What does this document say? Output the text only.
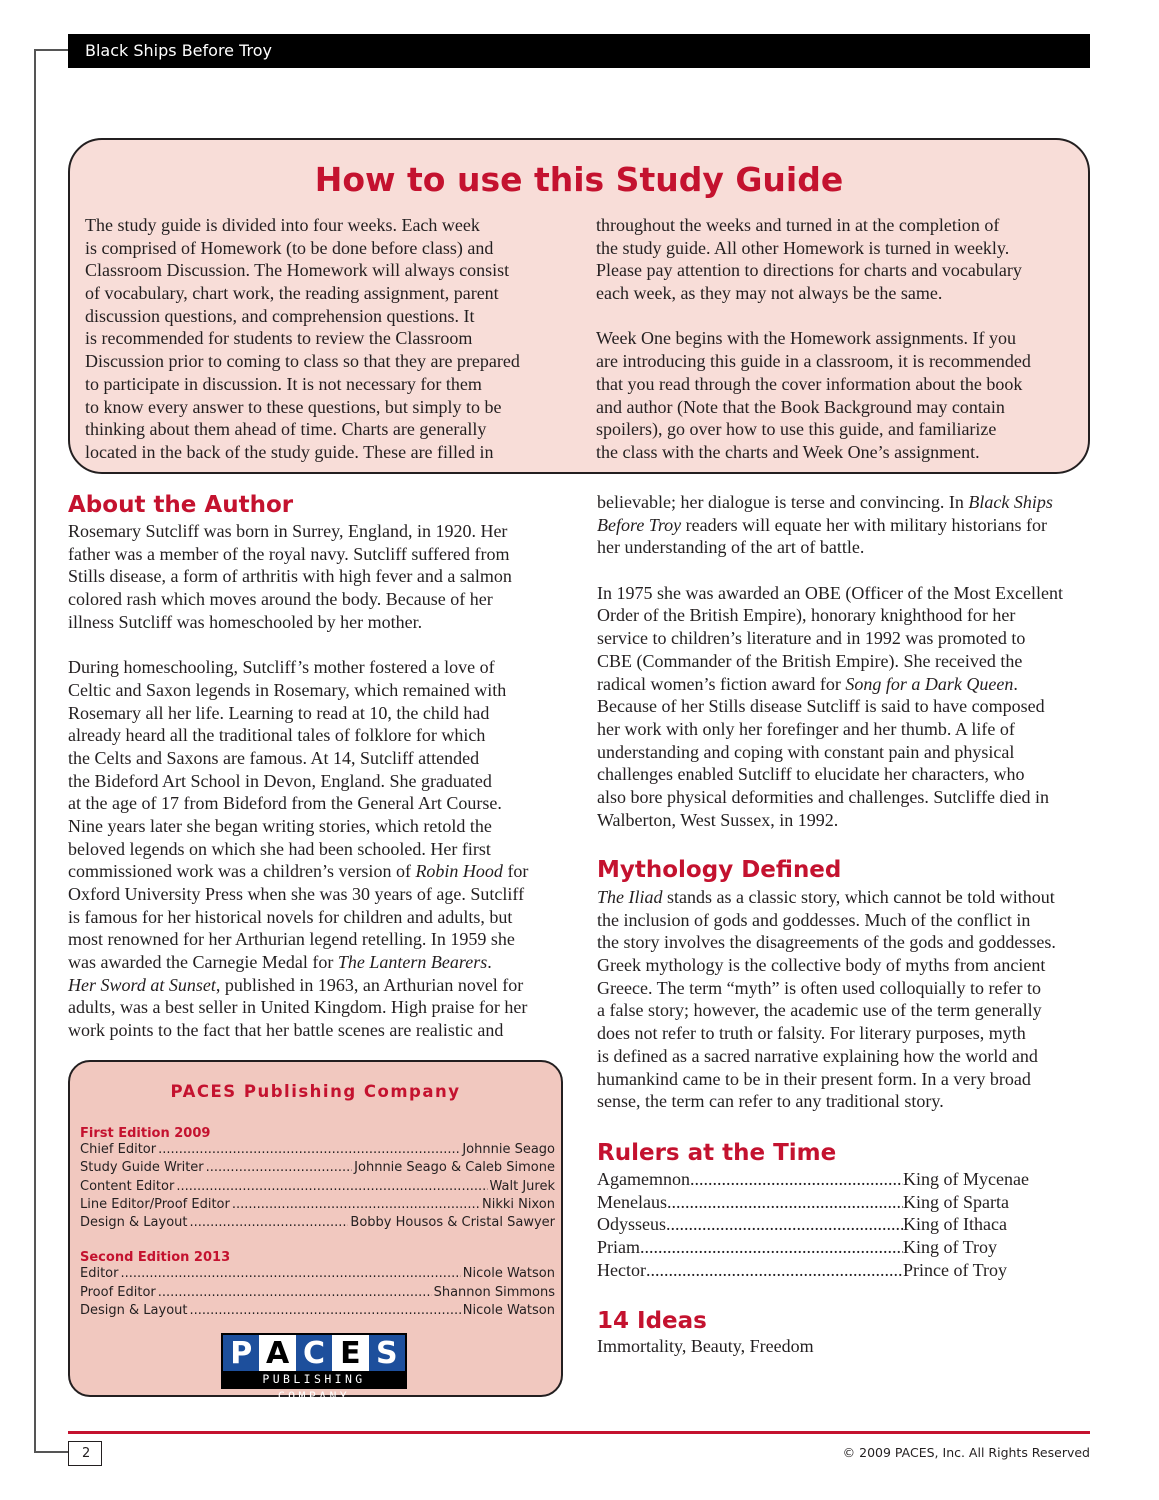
Black Ships Before Troy
How to use this Study Guide
The study guide is divided into four weeks. Each week
is comprised of Homework (to be done before class) and
Classroom Discussion. The Homework will always consist
of vocabulary, chart work, the reading assignment, parent
discussion questions, and comprehension questions. It
is recommended for students to review the Classroom
Discussion prior to coming to class so that they are prepared
to participate in discussion. It is not necessary for them
to know every answer to these questions, but simply to be
thinking about them ahead of time. Charts are generally
located in the back of the study guide. These are filled in
throughout the weeks and turned in at the completion of
the study guide. All other Homework is turned in weekly.
Please pay attention to directions for charts and vocabulary
each week, as they may not always be the same.
Week One begins with the Homework assignments. If you
are introducing this guide in a classroom, it is recommended
that you read through the cover information about the book
and author (Note that the Book Background may contain
spoilers), go over how to use this guide, and familiarize
the class with the charts and Week One’s assignment.
About the Author
Rosemary Sutcliff was born in Surrey, England, in 1920. Her
father was a member of the royal navy. Sutcliff suffered from
Stills disease, a form of arthritis with high fever and a salmon
colored rash which moves around the body. Because of her
illness Sutcliff was homeschooled by her mother.
During homeschooling, Sutcliff’s mother fostered a love of
Celtic and Saxon legends in Rosemary, which remained with
Rosemary all her life. Learning to read at 10, the child had
already heard all the traditional tales of folklore for which
the Celts and Saxons are famous. At 14, Sutcliff attended
the Bideford Art School in Devon, England. She graduated
at the age of 17 from Bideford from the General Art Course.
Nine years later she began writing stories, which retold the
beloved legends on which she had been schooled. Her first
commissioned work was a children’s version of Robin Hood for
Oxford University Press when she was 30 years of age. Sutcliff
is famous for her historical novels for children and adults, but
most renowned for her Arthurian legend retelling. In 1959 she
was awarded the Carnegie Medal for The Lantern Bearers.
Her Sword at Sunset, published in 1963, an Arthurian novel for
adults, was a best seller in United Kingdom. High praise for her
work points to the fact that her battle scenes are realistic and
believable; her dialogue is terse and convincing. In Black Ships
Before Troy readers will equate her with military historians for
her understanding of the art of battle.
In 1975 she was awarded an OBE (Officer of the Most Excellent
Order of the British Empire), honorary knighthood for her
service to children’s literature and in 1992 was promoted to
CBE (Commander of the British Empire). She received the
radical women’s fiction award for Song for a Dark Queen.
Because of her Stills disease Sutcliff is said to have composed
her work with only her forefinger and her thumb. A life of
understanding and coping with constant pain and physical
challenges enabled Sutcliff to elucidate her characters, who
also bore physical deformities and challenges. Sutcliffe died in
Walberton, West Sussex, in 1992.
Mythology Defined
The Iliad stands as a classic story, which cannot be told without
the inclusion of gods and goddesses. Much of the conflict in
the story involves the disagreements of the gods and goddesses.
Greek mythology is the collective body of myths from ancient
Greece. The term “myth” is often used colloquially to refer to
a false story; however, the academic use of the term generally
does not refer to truth or falsity. For literary purposes, myth
is defined as a sacred narrative explaining how the world and
humankind came to be in their present form. In a very broad
sense, the term can refer to any traditional story.
Rulers at the Time
Agamemnon .....	King of Mycenae
Menelaus .....	King of Sparta
Odysseus .....	King of Ithaca
Priam .....	King of Troy
Hector .....	Prince of Troy
14 Ideas
Immortality, Beauty, Freedom
PACES Publishing Company
First Edition 2009
Chief Editor .....	Johnnie Seago
Study Guide Writer .....	Johnnie Seago & Caleb Simone
Content Editor .....	Walt Jurek
Line Editor/Proof Editor .....	Nikki Nixon
Design & Layout .....	Bobby Housos & Cristal Sawyer
Second Edition 2013
Editor .....	Nicole Watson
Proof Editor .....	Shannon Simmons
Design & Layout .....	Nicole Watson
P A C E S
PUBLISHING COMPANY
2	© 2009 PACES, Inc. All Rights Reserved
